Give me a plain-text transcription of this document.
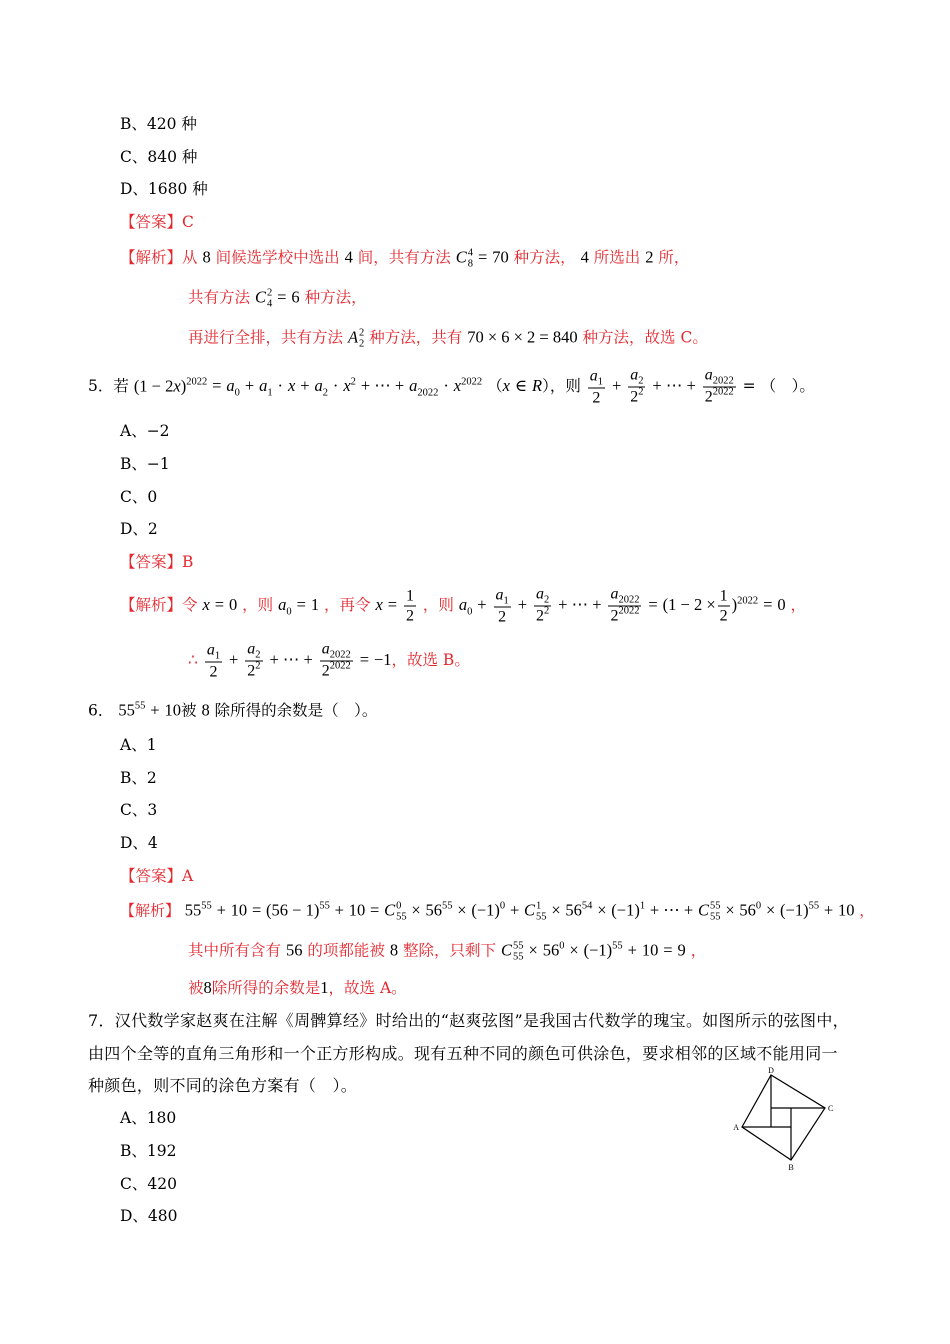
B、420 种
C、840 种
D、1680 种
【答案】C
【解析】从 8 间候选学校中选出 4 间，共有方法 C 4
8 = 70 种方法， 4 所选出 2 所，
共有方法 C 2
4 = 6 种方法，
再进行全排，共有方法 A 2
2 种方法，共有 70 × 6 × 2 = 840 种方法，故选 C。
5．若 $(1 - 2x)^{2022} = a_0 + a_1 \cdot x + a_2 \cdot x^2$ + ⋯ + $a_{2022} \cdot x^{2022}$ （x ∈ R），则 $\frac{a_1}{2} + \frac{a_2}{2^2}$ + ⋯ + $\frac{a_{2022}}{2^{2022}}$ = （　）。
A、−2
B、−1
C、0
D、2
【答案】B
【解析】令 x = 0 ，则 $a_0 = 1$ ，再令 $x = \frac{1}{2}$ ，则 $a_0 + \frac{a_1}{2} + \frac{a_2}{2^2}$ + ⋯ + $\frac{a_{2022}}{2^{2022}} = (1 - 2 \times \frac{1}{2} )^{2022} = 0$ ，
∴ $\frac{a_1}{2} + \frac{a_2}{2^2}$ + ⋯ + $\frac{a_{2022}}{2^{2022}} = -1$，故选 B。
6． $55^{55} + 10$被 8 除所得的余数是（　）。
A、1
B、2
C、3
D、4
【答案】A
【解析】 $55^{55} + 10 = (56 - 1)^{55} + 10 = C$ 0
$55 \times 56^{55} \times (-1)^0 + C$ 1
$55 \times 56^{54} \times (-1)^1$ + ⋯ + C 55
$55 \times 56^0 \times (-1)^{55} + 10$ ，
其中所有含有 56 的项都能被 8 整除，只剩下 C 55
$55 \times 56^0 \times (-1)^{55} + 10 = 9$ ，
被8除所得的余数是1，故选 A。
7．汉代数学家赵爽在注解《周髀算经》时给出的“赵爽弦图”是我国古代数学的瑰宝。如图所示的弦图中，
由四个全等的直角三角形和一个正方形构成。现有五种不同的颜色可供涂色，要求相邻的区域不能用同一
种颜色，则不同的涂色方案有（　）。
A、180
B、192
C、420
D、480
D
C
B
A
